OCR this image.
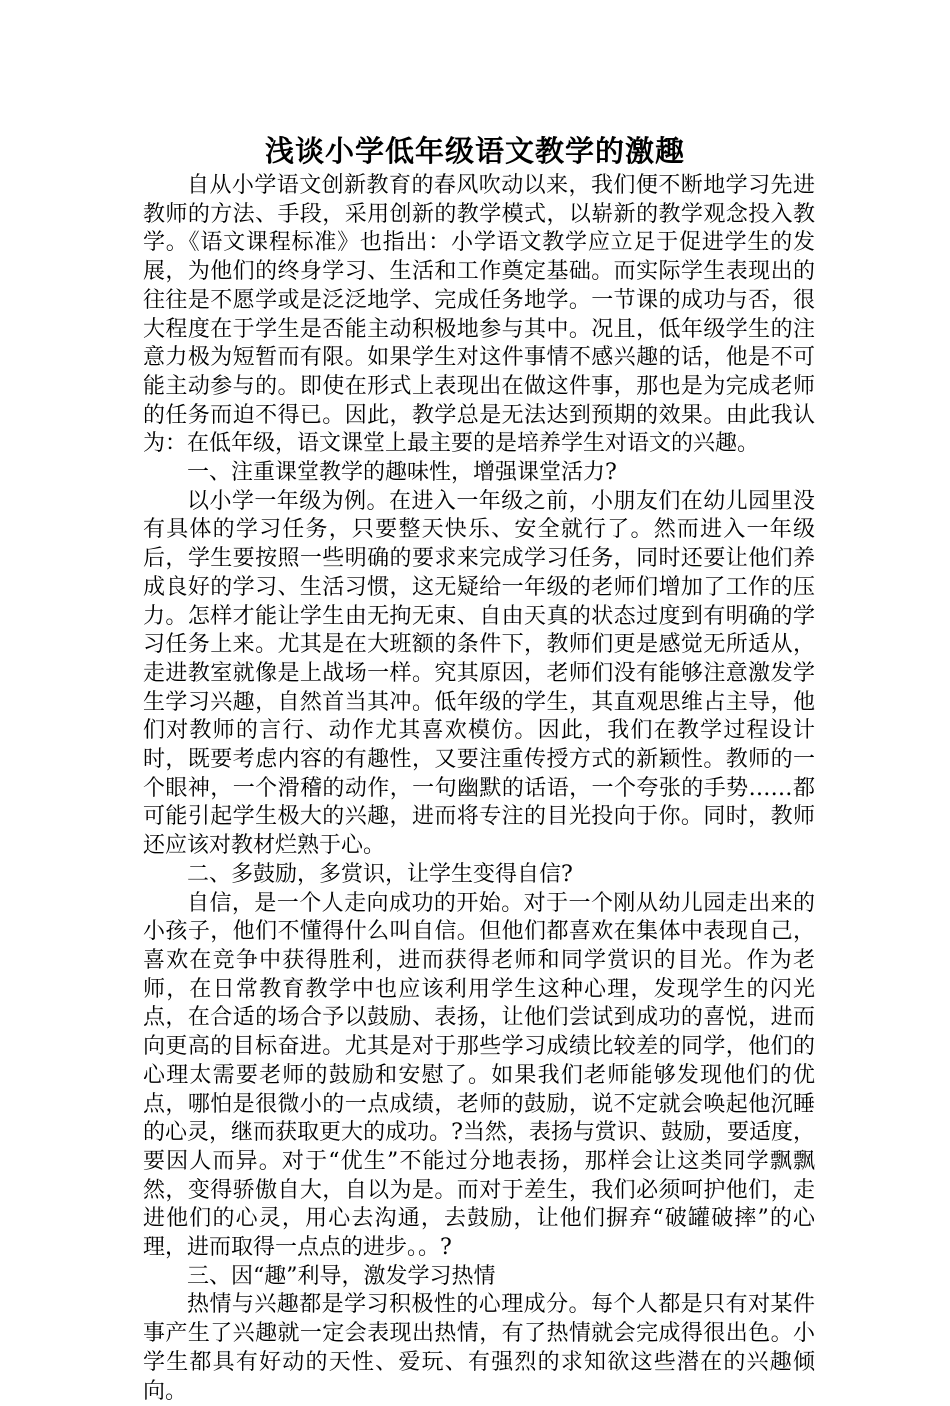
浅谈小学低年级语文教学的激趣

自从小学语文创新教育的春风吹动以来，我们便不断地学习先进教师的方法、手段，采用创新的教学模式，以崭新的教学观念投入教学。《语文课程标准》也指出：小学语文教学应立足于促进学生的发展，为他们的终身学习、生活和工作奠定基础。而实际学生表现出的往往是不愿学或是泛泛地学、完成任务地学。一节课的成功与否，很大程度在于学生是否能主动积极地参与其中。况且，低年级学生的注意力极为短暂而有限。如果学生对这件事情不感兴趣的话，他是不可能主动参与的。即使在形式上表现出在做这件事，那也是为完成老师的任务而迫不得已。因此，教学总是无法达到预期的效果。由此我认为：在低年级，语文课堂上最主要的是培养学生对语文的兴趣。

一、注重课堂教学的趣味性，增强课堂活力?

以小学一年级为例。在进入一年级之前，小朋友们在幼儿园里没有具体的学习任务，只要整天快乐、安全就行了。然而进入一年级后，学生要按照一些明确的要求来完成学习任务，同时还要让他们养成良好的学习、生活习惯，这无疑给一年级的老师们增加了工作的压力。怎样才能让学生由无拘无束、自由天真的状态过度到有明确的学习任务上来。尤其是在大班额的条件下，教师们更是感觉无所适从，走进教室就像是上战场一样。究其原因，老师们没有能够注意激发学生学习兴趣，自然首当其冲。低年级的学生，其直观思维占主导，他们对教师的言行、动作尤其喜欢模仿。因此，我们在教学过程设计时，既要考虑内容的有趣性，又要注重传授方式的新颖性。教师的一个眼神，一个滑稽的动作，一句幽默的话语，一个夸张的手势……都可能引起学生极大的兴趣，进而将专注的目光投向于你。同时，教师还应该对教材烂熟于心。

二、多鼓励，多赏识，让学生变得自信?

自信，是一个人走向成功的开始。对于一个刚从幼儿园走出来的小孩子，他们不懂得什么叫自信。但他们都喜欢在集体中表现自己，喜欢在竞争中获得胜利，进而获得老师和同学赏识的目光。作为老师，在日常教育教学中也应该利用学生这种心理，发现学生的闪光点，在合适的场合予以鼓励、表扬，让他们尝试到成功的喜悦，进而向更高的目标奋进。尤其是对于那些学习成绩比较差的同学，他们的心理太需要老师的鼓励和安慰了。如果我们老师能够发现他们的优点，哪怕是很微小的一点成绩，老师的鼓励，说不定就会唤起他沉睡的心灵，继而获取更大的成功。?当然，表扬与赏识、鼓励，要适度，要因人而异。对于“优生”不能过分地表扬，那样会让这类同学飘飘然，变得骄傲自大，自以为是。而对于差生，我们必须呵护他们，走进他们的心灵，用心去沟通，去鼓励，让他们摒弃“破罐破摔”的心理，进而取得一点点的进步。。?

三、因“趣”利导，激发学习热情

热情与兴趣都是学习积极性的心理成分。每个人都是只有对某件事产生了兴趣就一定会表现出热情，有了热情就会完成得很出色。小学生都具有好动的天性、爱玩、有强烈的求知欲这些潜在的兴趣倾向。
